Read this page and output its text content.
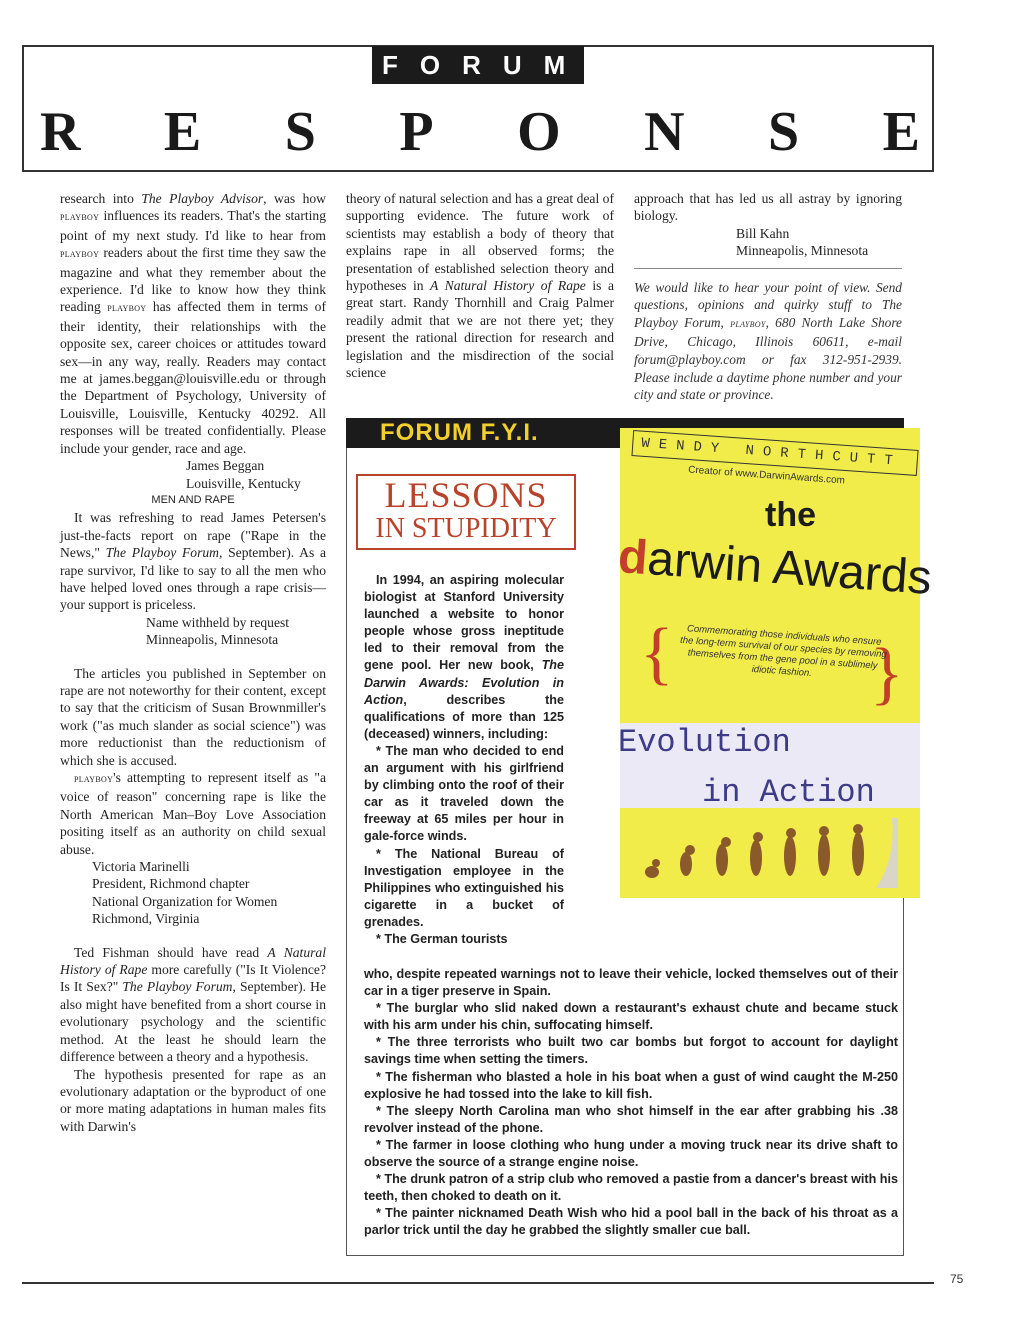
FORUM
R E S P O N S E

research into The Playboy Advisor, was how playboy influences its readers. That's the starting point of my next study. I'd like to hear from playboy readers about the first time they saw the magazine and what they remember about the experience. I'd like to know how they think reading playboy has affected them in terms of their identity, their relationships with the opposite sex, career choices or attitudes toward sex—in any way, really. Readers may contact me at james.beggan@louisville.edu or through the Department of Psychology, University of Louisville, Louisville, Kentucky 40292. All responses will be treated confidentially. Please include your gender, race and age.

James Beggan
Louisville, Kentucky

MEN AND RAPE

It was refreshing to read James Petersen's just-the-facts report on rape ("Rape in the News," The Playboy Forum, September). As a rape survivor, I'd like to say to all the men who have helped loved ones through a rape crisis—your support is priceless.

Name withheld by request
Minneapolis, Minnesota

The articles you published in September on rape are not noteworthy for their content, except to say that the criticism of Susan Brownmiller's work ("as much slander as social science") was more reductionist than the reductionism of which she is accused.

playboy's attempting to represent itself as "a voice of reason" concerning rape is like the North American Man–Boy Love Association positing itself as an authority on child sexual abuse.

Victoria Marinelli
President, Richmond chapter
National Organization for Women
Richmond, Virginia

Ted Fishman should have read A Natural History of Rape more carefully ("Is It Violence? Is It Sex?" The Playboy Forum, September). He also might have benefited from a short course in evolutionary psychology and the scientific method. At the least he should learn the difference between a theory and a hypothesis.

The hypothesis presented for rape as an evolutionary adaptation or the byproduct of one or more mating adaptations in human males fits with Darwin's

theory of natural selection and has a great deal of supporting evidence. The future work of scientists may establish a body of theory that explains rape in all observed forms; the presentation of established selection theory and hypotheses in A Natural History of Rape is a great start. Randy Thornhill and Craig Palmer readily admit that we are not there yet; they present the rational direction for research and legislation and the misdirection of the social science

approach that has led us all astray by ignoring biology.

Bill Kahn
Minneapolis, Minnesota

We would like to hear your point of view. Send questions, opinions and quirky stuff to The Playboy Forum, playboy, 680 North Lake Shore Drive, Chicago, Illinois 60611, e-mail forum@playboy.com or fax 312-951-2939. Please include a daytime phone number and your city and state or province.

FORUM F.Y.I.
LESSONS
IN STUPIDITY

In 1994, an aspiring molecular biologist at Stanford University launched a website to honor people whose gross ineptitude led to their removal from the gene pool. Her new book, The Darwin Awards: Evolution in Action, describes the qualifications of more than 125 (deceased) winners, including:

* The man who decided to end an argument with his girlfriend by climbing onto the roof of their car as it traveled down the freeway at 65 miles per hour in gale-force winds.

* The National Bureau of Investigation employee in the Philippines who extinguished his cigarette in a bucket of grenades.

* The German tourists

who, despite repeated warnings not to leave their vehicle, locked themselves out of their car in a tiger preserve in Spain.

* The burglar who slid naked down a restaurant's exhaust chute and became stuck with his arm under his chin, suffocating himself.

* The three terrorists who built two car bombs but forgot to account for daylight savings time when setting the timers.

* The fisherman who blasted a hole in his boat when a gust of wind caught the M-250 explosive he had tossed into the lake to kill fish.

* The sleepy North Carolina man who shot himself in the ear after grabbing his .38 revolver instead of the phone.

* The farmer in loose clothing who hung under a moving truck near its drive shaft to observe the source of a strange engine noise.

* The drunk patron of a strip club who removed a pastie from a dancer's breast with his teeth, then choked to death on it.

* The painter nicknamed Death Wish who hid a pool ball in the back of his throat as a parlor trick until the day he grabbed the slightly smaller cue ball.

WENDY NORTHCUTT
Creator of www.DarwinAwards.com
the
darwin Awards
{	}
Commemorating those individuals who ensure the long-term survival of our species by removing themselves from the gene pool in a sublimely idiotic fashion.
Evolution
in Action
75
